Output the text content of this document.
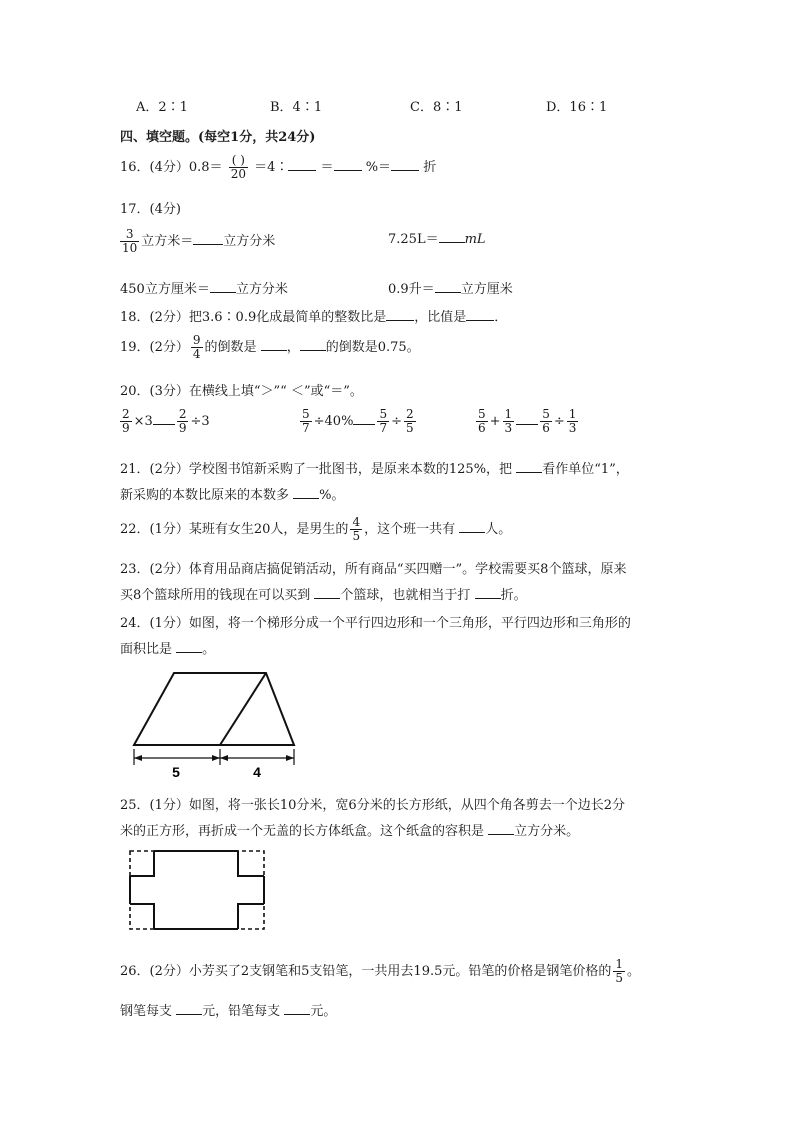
A．2∶1	B．4∶1	C．8∶1	D．16∶1
四、填空题。(每空1分，共24分)
16．(4分）$0.8= \frac{( )}{20}$ ＝4∶ ＝ %＝ 折
17．(4分)
$\frac{3}{10}$ 立方米＝ 立方分米	7.25L＝ mL
450立方厘米＝ 立方分米	0.9升＝ 立方厘米
18．(2分）把3.6∶0.9化成最简单的整数比是 ，比值是 ．
19．(2分） $\frac{9}{4}$ 的倒数是 ， 的倒数是0.75。
20．(3分）在横线上填“＞”“ ＜”或“＝”。
$\frac{2}{9} \times 3 \frac{2}{9} \div 3$	$\frac{5}{7} \div 40\% \frac{5}{7} \div \frac{2}{5}$	$\frac{5}{6} + \frac{1}{3} \frac{5}{6} \div \frac{1}{3}$
21．(2分）学校图书馆新采购了一批图书，是原来本数的125%，把 看作单位“1”，
新采购的本数比原来的本数多 %。
22．(1分）某班有女生20人，是男生的 $\frac{4}{5}$ ，这个班一共有 人。
23．(2分）体育用品商店搞促销活动，所有商品“买四赠一”。学校需要买8个篮球，原来
买8个篮球所用的钱现在可以买到 个篮球，也就相当于打 折。
24．(1分）如图，将一个梯形分成一个平行四边形和一个三角形，平行四边形和三角形的
面积比是 。
5	4
25．(1分）如图，将一张长10分米，宽6分米的长方形纸，从四个角各剪去一个边长2分
米的正方形，再折成一个无盖的长方体纸盒。这个纸盒的容积是 立方分米。
26．(2分）小芳买了2支钢笔和5支铅笔，一共用去19.5元。铅笔的价格是钢笔价格的 $\frac{1}{5}$ 。
钢笔每支 元，铅笔每支 元。
